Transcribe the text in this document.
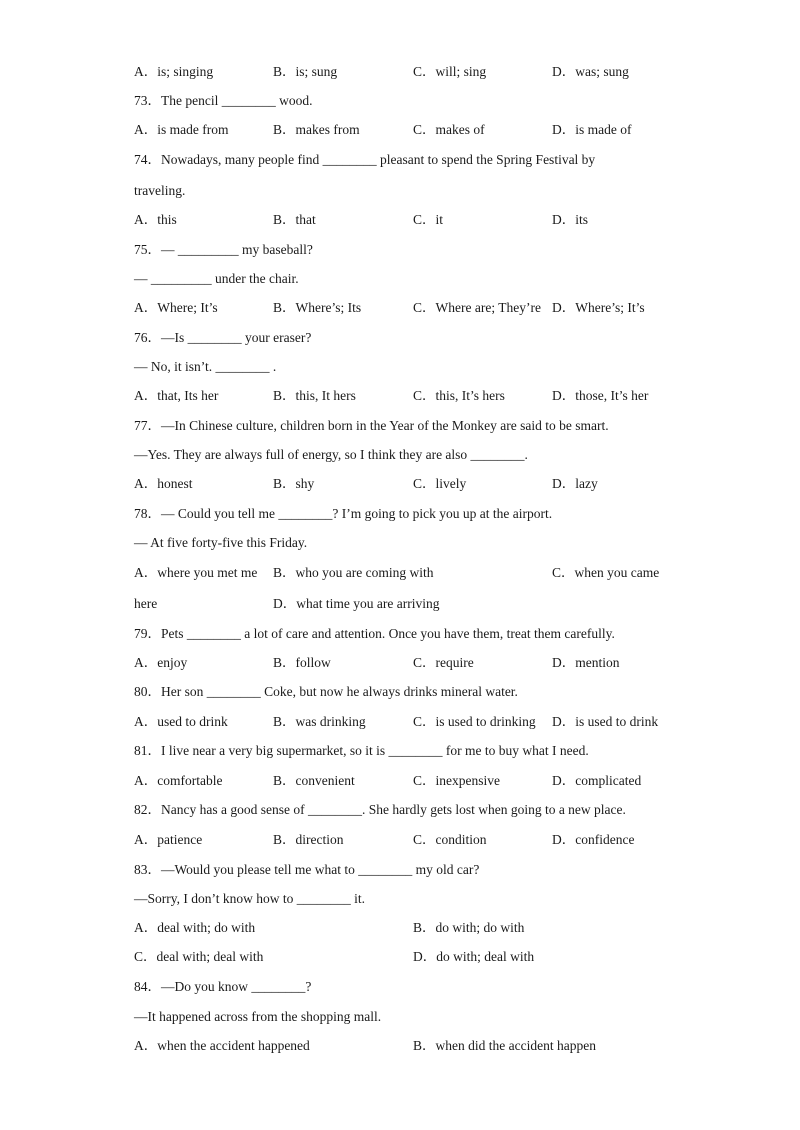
A．is; singing	B．is; sung	C．will; sing	D．was; sung
73．The pencil ________ wood.
A．is made from	B．makes from	C．makes of	D．is made of
74．Nowadays, many people find ________ pleasant to spend the Spring Festival by
traveling.
A．this	B．that	C．it	D．its
75．— _________ my baseball?
— _________ under the chair.
A．Where; It’s	B．Where’s; Its	C．Where are; They’re D．Where’s; It’s
76．—Is ________ your eraser?
— No, it isn’t. ________ .
A．that, Its her	B．this, It hers	C．this, It’s hers	D．those, It’s her
77．—In Chinese culture, children born in the Year of the Monkey are said to be smart.
—Yes. They are always full of energy, so I think they are also ________.
A．honest	B．shy	C．lively	D．lazy
78．— Could you tell me ________? I’m going to pick you up at the airport.
— At five forty-five this Friday.
A．where you met me B．who you are coming with	C．when you came
here	D．what time you are arriving
79．Pets ________ a lot of care and attention. Once you have them, treat them carefully.
A．enjoy	B．follow	C．require	D．mention
80．Her son ________ Coke, but now he always drinks mineral water.
A．used to drink	B．was drinking	C．is used to drinking D．is used to drink
81．I live near a very big supermarket, so it is ________ for me to buy what I need.
A．comfortable	B．convenient	C．inexpensive	D．complicated
82．Nancy has a good sense of ________. She hardly gets lost when going to a new place.
A．patience	B．direction	C．condition	D．confidence
83．—Would you please tell me what to ________ my old car?
—Sorry, I don’t know how to ________ it.
A．deal with; do with	B．do with; do with
C．deal with; deal with	D．do with; deal with
84．—Do you know ________?
—It happened across from the shopping mall.
A．when the accident happened	B．when did the accident happen
